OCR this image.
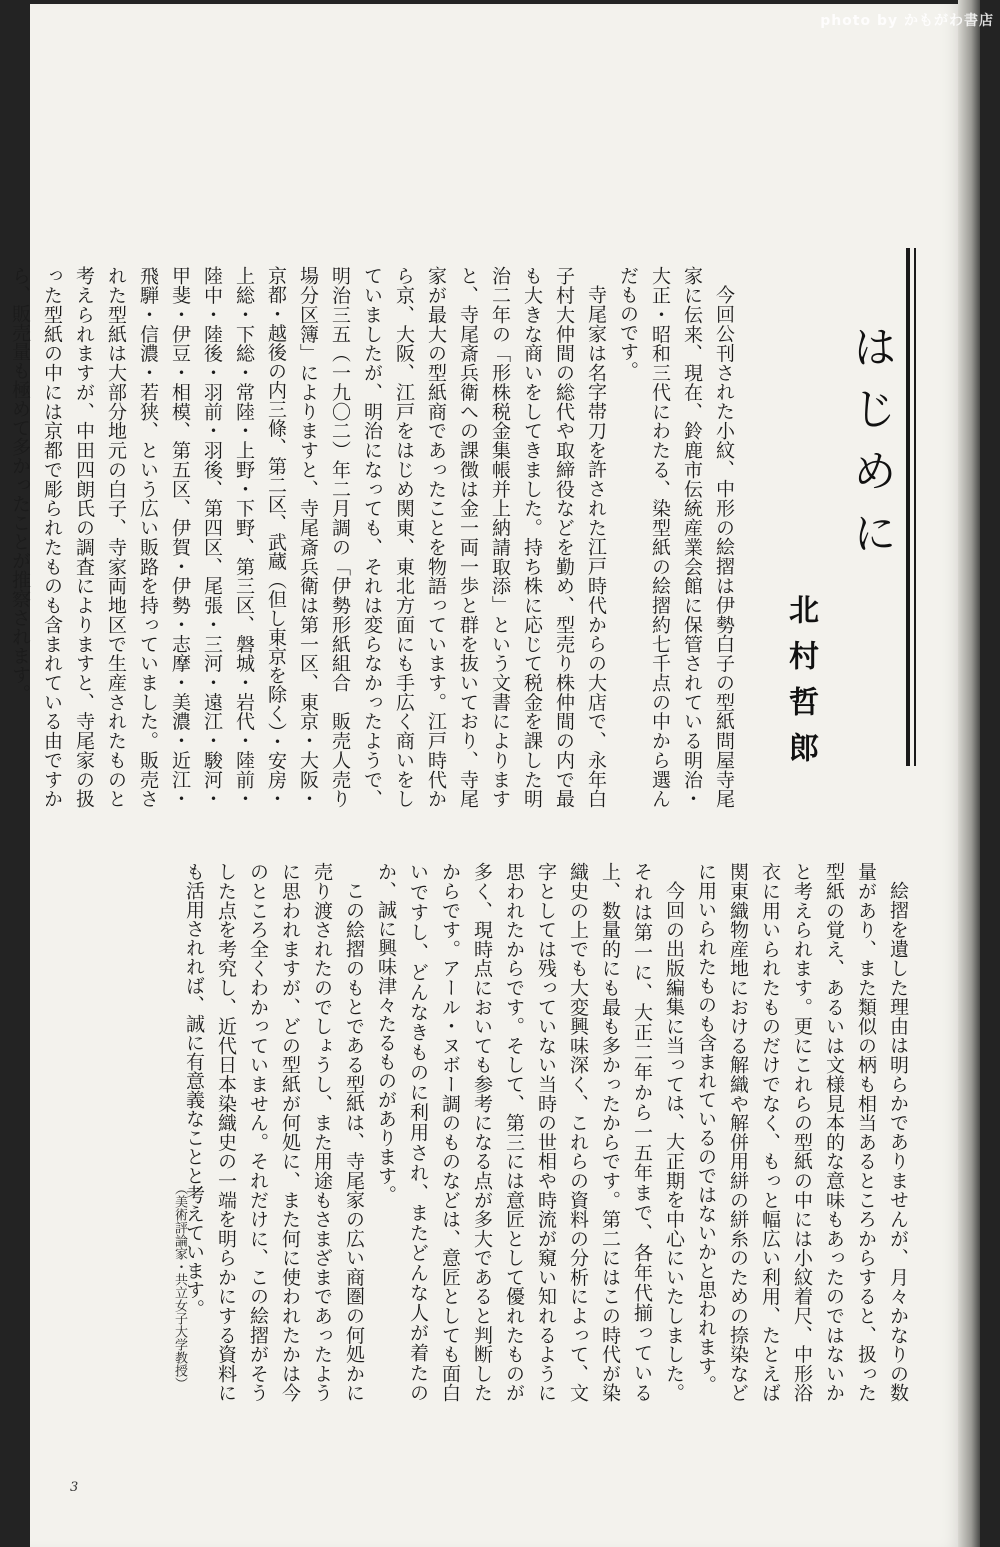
はじめに
北村哲郎

今回公刊された小紋、中形の絵摺は伊勢白子の型紙問屋寺尾家に伝来、現在、鈴鹿市伝統産業会館に保管されている明治・大正・昭和三代にわたる、染型紙の絵摺約七千点の中から選んだものです。

寺尾家は名字帯刀を許された江戸時代からの大店で、永年白子村大仲間の総代や取締役などを勤め、型売り株仲間の内で最も大きな商いをしてきました。持ち株に応じて税金を課した明治二年の「形株税金集帳并上納請取添」という文書によりますと、寺尾斎兵衛への課徴は金一両一歩と群を抜いており、寺尾家が最大の型紙商であったことを物語っています。江戸時代から京、大阪、江戸をはじめ関東、東北方面にも手広く商いをしていましたが、明治になっても、それは変らなかったようで、明治三五（一九〇二）年二月調の「伊勢形紙組合　販売人売り場分区簿」によりますと、寺尾斎兵衛は第一区、東京・大阪・京都・越後の内三條、第二区、武蔵（但し東京を除く）・安房・上総・下総・常陸・上野・下野、第三区、磐城・岩代・陸前・陸中・陸後・羽前・羽後、第四区、尾張・三河・遠江・駿河・甲斐・伊豆・相模、第五区、伊賀・伊勢・志摩・美濃・近江・飛騨・信濃・若狭、という広い販路を持っていました。販売された型紙は大部分地元の白子、寺家両地区で生産されたものと考えられますが、中田四朗氏の調査によりますと、寺尾家の扱った型紙の中には京都で彫られたものも含まれている由ですから、販売量も極めて多かったことが推察されます。

絵摺を遺した理由は明らかでありませんが、月々かなりの数量があり、また類似の柄も相当あるところからすると、扱った型紙の覚え、あるいは文様見本的な意味もあったのではないかと考えられます。更にこれらの型紙の中には小紋着尺、中形浴衣に用いられたものだけでなく、もっと幅広い利用、たとえば関東織物産地における解織や解併用絣の絣糸のための捺染などに用いられたものも含まれているのではないかと思われます。

今回の出版編集に当っては、大正期を中心にいたしました。それは第一に、大正二年から一五年まで、各年代揃っている上、数量的にも最も多かったからです。第二にはこの時代が染織史の上でも大変興味深く、これらの資料の分析によって、文字としては残っていない当時の世相や時流が窺い知れるように思われたからです。そして、第三には意匠として優れたものが多く、現時点においても参考になる点が多大であると判断したからです。アール・ヌボー調のものなどは、意匠としても面白いですし、どんなきものに利用され、またどんな人が着たのか、誠に興味津々たるものがあります。

この絵摺のもとである型紙は、寺尾家の広い商圏の何処かに売り渡されたのでしょうし、また用途もさまざまであったように思われますが、どの型紙が何処に、また何に使われたかは今のところ全くわかっていません。それだけに、この絵摺がそうした点を考究し、近代日本染織史の一端を明らかにする資料にも活用されれば、誠に有意義なことと考えています。

（美術評論家・共立女子大学教授）
3
photo by かもがわ書店
